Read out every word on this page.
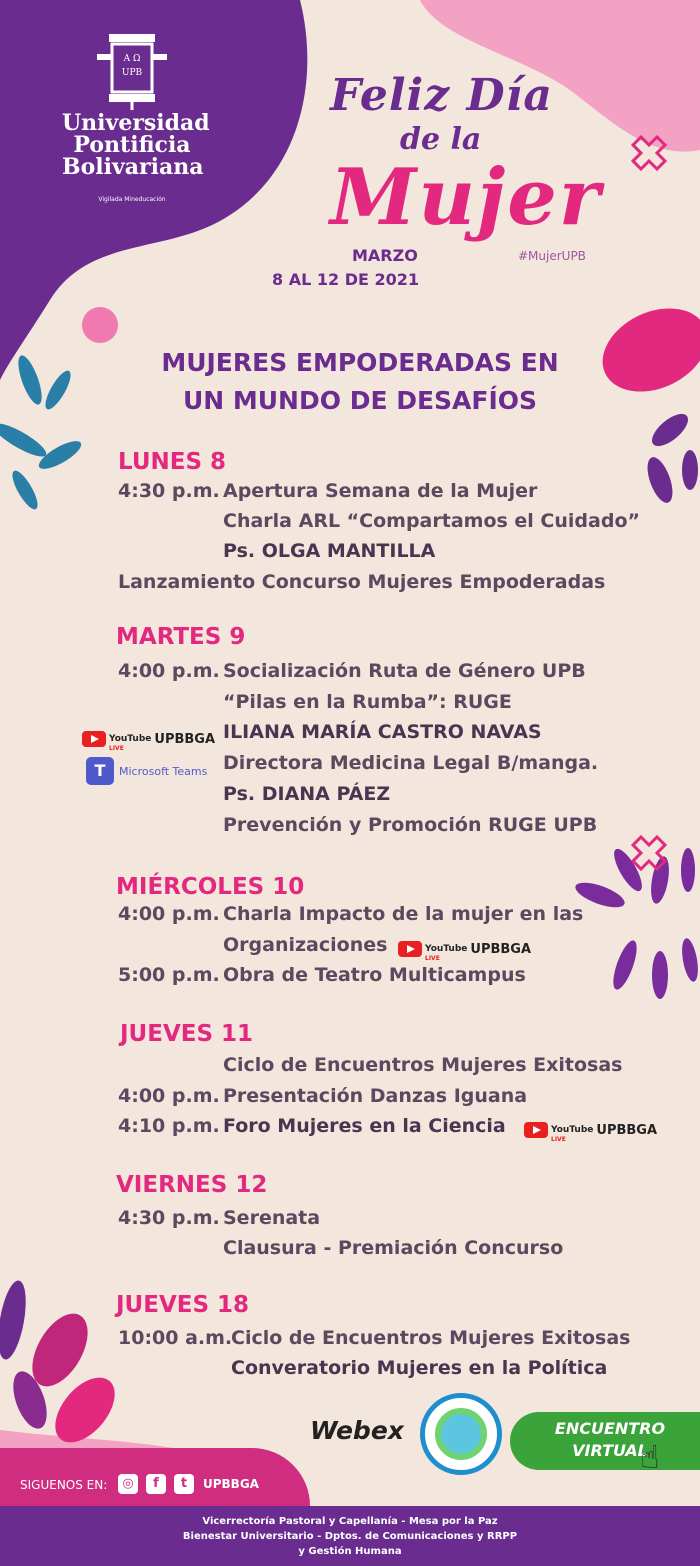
Α Ω
UPB
Universidad
Pontificia
Bolivariana
Vigilada Mineducación
Feliz Día
de la
Mujer
MARZO
8 AL 12 DE 2021
#MujerUPB
MUJERES EMPODERADAS EN
UN MUNDO DE DESAFÍOS
LUNES 8
4:30 p.m. Apertura Semana de la Mujer
Charla ARL “Compartamos el Cuidado”
Ps. OLGA MANTILLA
Lanzamiento Concurso Mujeres Empoderadas
MARTES 9
4:00 p.m. Socialización Ruta de Género UPB
“Pilas en la Rumba”: RUGE
ILIANA MARÍA CASTRO NAVAS
Directora Medicina Legal B/manga.
Ps. DIANA PÁEZ
Prevención y Promoción RUGE UPB
YouTube
LIVE
UPBBGA
T	Microsoft Teams
MIÉRCOLES 10
4:00 p.m. Charla Impacto de la mujer en las
Organizaciones	YouTube
LIVE
UPBBGA
5:00 p.m. Obra de Teatro Multicampus
JUEVES 11
Ciclo de Encuentros Mujeres Exitosas
4:00 p.m. Presentación Danzas Iguana
4:10 p.m. Foro Mujeres en la Ciencia	YouTube
LIVE
UPBBGA
VIERNES 12
4:30 p.m. Serenata
Clausura - Premiación Concurso
JUEVES 18
10:00 a.m.Ciclo de Encuentros Mujeres Exitosas
Converatorio Mujeres en la Política
Webex	ENCUENTRO
VIRTUAL
☝
SIGUENOS EN:	◎	f	t	UPBBGA
Vicerrectoría Pastoral y Capellanía - Mesa por la Paz
Bienestar Universitario - Dptos. de Comunicaciones y RRPP
y Gestión Humana
